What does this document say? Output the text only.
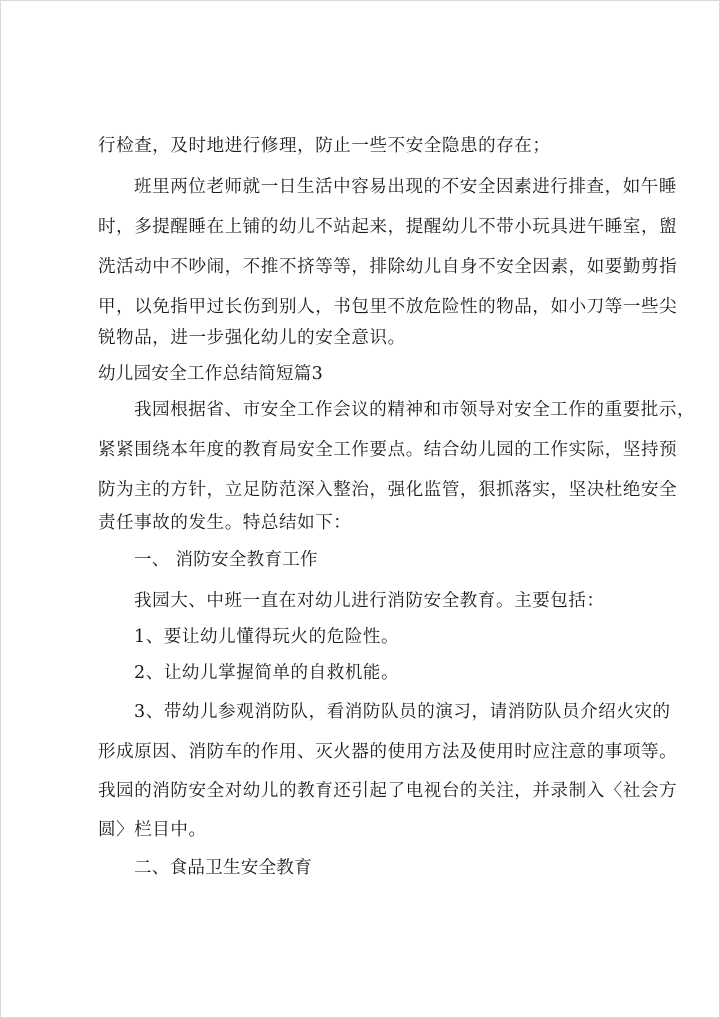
行检查，及时地进行修理，防止一些不安全隐患的存在；
班里两位老师就一日生活中容易出现的不安全因素进行排查，如午睡
时，多提醒睡在上铺的幼儿不站起来，提醒幼儿不带小玩具进午睡室，盥
洗活动中不吵闹，不推不挤等等，排除幼儿自身不安全因素，如要勤剪指
甲，以免指甲过长伤到别人，书包里不放危险性的物品，如小刀等一些尖
锐物品，进一步强化幼儿的安全意识。
幼儿园安全工作总结简短篇3
我园根据省、市安全工作会议的精神和市领导对安全工作的重要批示，
紧紧围绕本年度的教育局安全工作要点。结合幼儿园的工作实际，坚持预
防为主的方针，立足防范深入整治，强化监管，狠抓落实，坚决杜绝安全
责任事故的发生。特总结如下：
一、 消防安全教育工作
我园大、中班一直在对幼儿进行消防安全教育。主要包括：
1、要让幼儿懂得玩火的危险性。
2、让幼儿掌握简单的自救机能。
3、带幼儿参观消防队，看消防队员的演习，请消防队员介绍火灾的
形成原因、消防车的作用、灭火器的使用方法及使用时应注意的事项等。
我园的消防安全对幼儿的教育还引起了电视台的关注，并录制入〈社会方
圆〉栏目中。
二、食品卫生安全教育
